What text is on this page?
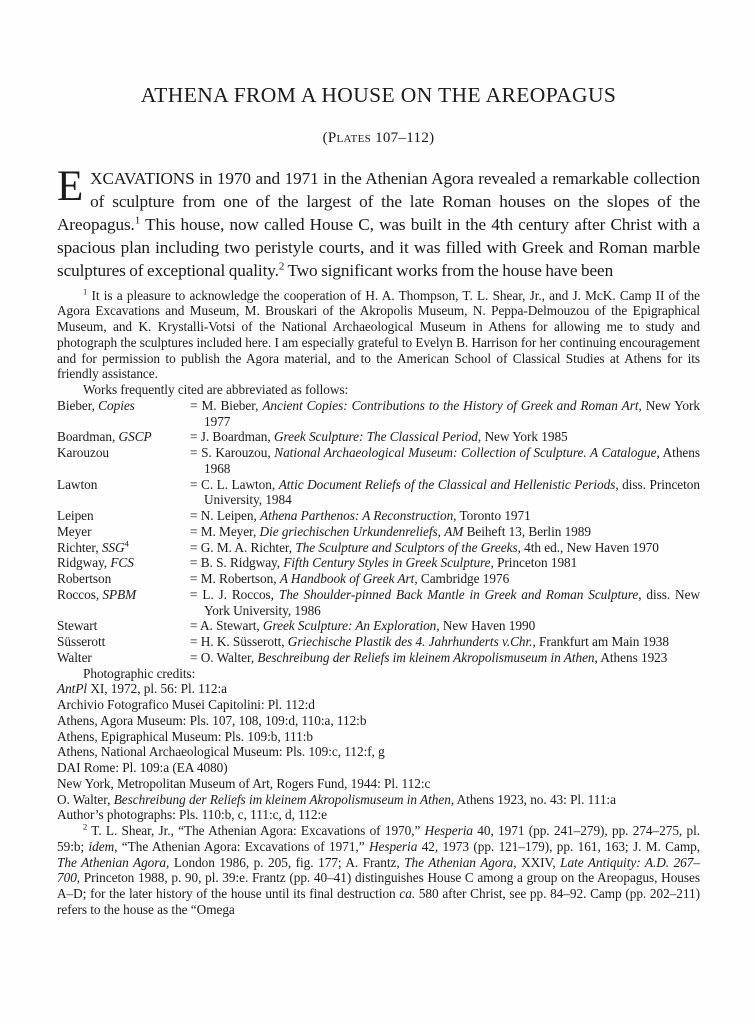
ATHENA FROM A HOUSE ON THE AREOPAGUS
(Plates 107–112)

EXCAVATIONS in 1970 and 1971 in the Athenian Agora revealed a remarkable collection of sculpture from one of the largest of the late Roman houses on the slopes of the Areopagus.$^1$ This house, now called House C, was built in the 4th century after Christ with a spacious plan including two peristyle courts, and it was filled with Greek and Roman marble sculptures of exceptional quality.$^2$ Two significant works from the house have been

$^1$ It is a pleasure to acknowledge the cooperation of H. A. Thompson, T. L. Shear, Jr., and J. McK. Camp II of the Agora Excavations and Museum, M. Brouskari of the Akropolis Museum, N. Peppa-Delmouzou of the Epigraphical Museum, and K. Krystalli-Votsi of the National Archaeological Museum in Athens for allowing me to study and photograph the sculptures included here. I am especially grateful to Evelyn B. Harrison for her continuing encouragement and for permission to publish the Agora material, and to the American School of Classical Studies at Athens for its friendly assistance.

Works frequently cited are abbreviated as follows:

Bieber, Copies	= M. Bieber, Ancient Copies: Contributions to the History of Greek and Roman Art, New York 1977
Boardman, GSCP	= J. Boardman, Greek Sculpture: The Classical Period, New York 1985
Karouzou	= S. Karouzou, National Archaeological Museum: Collection of Sculpture. A Catalogue, Athens 1968
Lawton	= C. L. Lawton, Attic Document Reliefs of the Classical and Hellenistic Periods, diss. Princeton University, 1984
Leipen	= N. Leipen, Athena Parthenos: A Reconstruction, Toronto 1971
Meyer	= M. Meyer, Die griechischen Urkundenreliefs, AM Beiheft 13, Berlin 1989
Richter, $SSG^4$	= G. M. A. Richter, The Sculpture and Sculptors of the Greeks, 4th ed., New Haven 1970
Ridgway, FCS	= B. S. Ridgway, Fifth Century Styles in Greek Sculpture, Princeton 1981
Robertson	= M. Robertson, A Handbook of Greek Art, Cambridge 1976
Roccos, SPBM	= L. J. Roccos, The Shoulder-pinned Back Mantle in Greek and Roman Sculpture, diss. New York University, 1986
Stewart	= A. Stewart, Greek Sculpture: An Exploration, New Haven 1990
Süsserott	= H. K. Süsserott, Griechische Plastik des 4. Jahrhunderts v.Chr., Frankfurt am Main 1938
Walter	= O. Walter, Beschreibung der Reliefs im kleinem Akropolismuseum in Athen, Athens 1923

Photographic credits:

AntPl XI, 1972, pl. 56: Pl. 112:a
Archivio Fotografico Musei Capitolini: Pl. 112:d
Athens, Agora Museum: Pls. 107, 108, 109:d, 110:a, 112:b
Athens, Epigraphical Museum: Pls. 109:b, 111:b
Athens, National Archaeological Museum: Pls. 109:c, 112:f, g
DAI Rome: Pl. 109:a (EA 4080)
New York, Metropolitan Museum of Art, Rogers Fund, 1944: Pl. 112:c
O. Walter, Beschreibung der Reliefs im kleinem Akropolismuseum in Athen, Athens 1923, no. 43: Pl. 111:a
Author’s photographs: Pls. 110:b, c, 111:c, d, 112:e

$^2$ T. L. Shear, Jr., “The Athenian Agora: Excavations of 1970,” Hesperia 40, 1971 (pp. 241–279), pp. 274–275, pl. 59:b; idem, “The Athenian Agora: Excavations of 1971,” Hesperia 42, 1973 (pp. 121–179), pp. 161, 163; J. M. Camp, The Athenian Agora, London 1986, p. 205, fig. 177; A. Frantz, The Athenian Agora, XXIV, Late Antiquity: A.D. 267–700, Princeton 1988, p. 90, pl. 39:e. Frantz (pp. 40–41) distinguishes House C among a group on the Areopagus, Houses A–D; for the later history of the house until its final destruction ca. 580 after Christ, see pp. 84–92. Camp (pp. 202–211) refers to the house as the “Omega
